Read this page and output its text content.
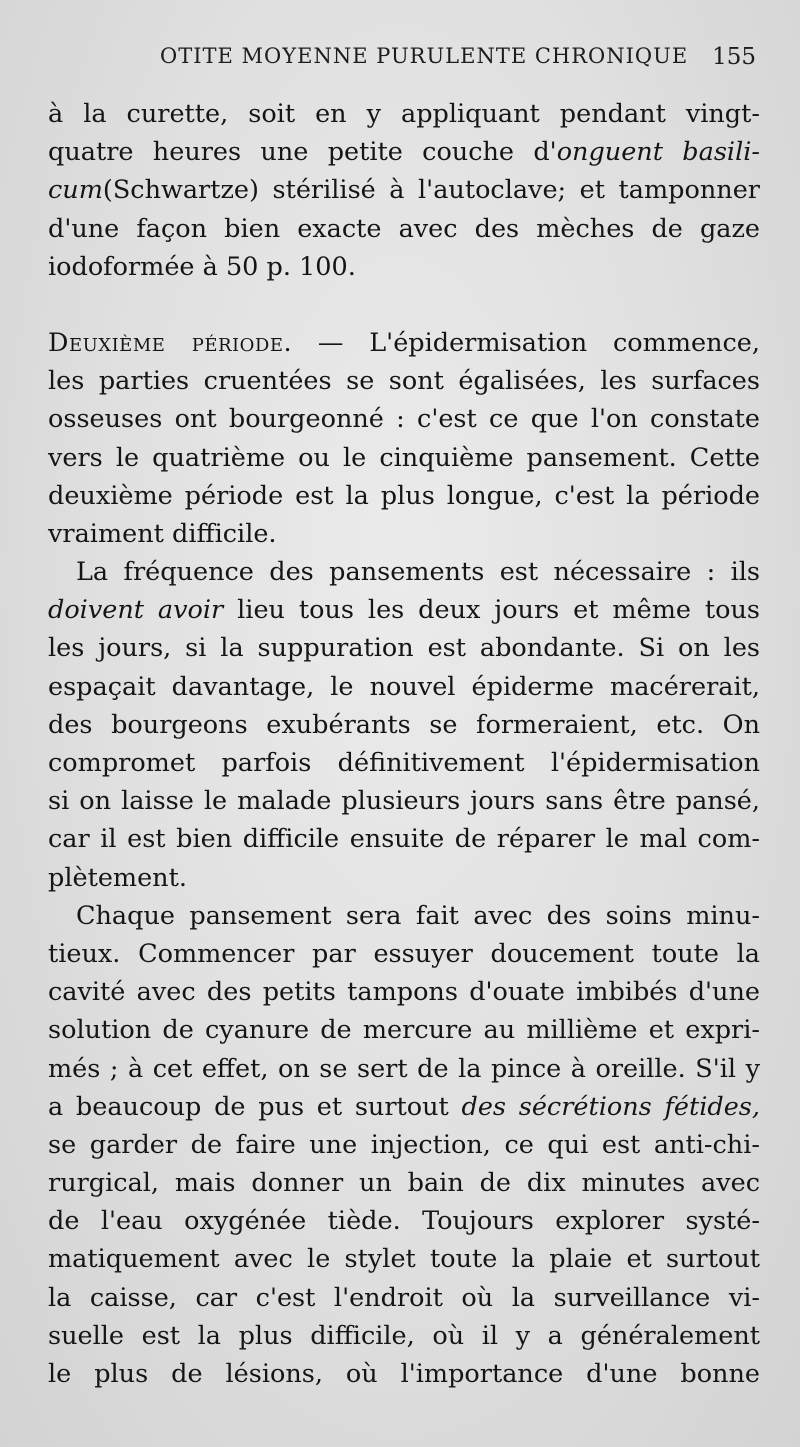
OTITE MOYENNE PURULENTE CHRONIQUE 155
à la curette, soit en y appliquant pendant vingt-
quatre heures une petite couche d'onguent basili-
cum(Schwartze) stérilisé à l'autoclave; et tamponner
d'une façon bien exacte avec des mèches de gaze
iodoformée à 50 p. 100.
Deuxième période. — L'épidermisation commence,
les parties cruentées se sont égalisées, les surfaces
osseuses ont bourgeonné : c'est ce que l'on constate
vers le quatrième ou le cinquième pansement. Cette
deuxième période est la plus longue, c'est la période
vraiment difficile.
La fréquence des pansements est nécessaire : ils
doivent avoir lieu tous les deux jours et même tous
les jours, si la suppuration est abondante. Si on les
espaçait davantage, le nouvel épiderme macérerait,
des bourgeons exubérants se formeraient, etc. On
compromet parfois définitivement l'épidermisation
si on laisse le malade plusieurs jours sans être pansé,
car il est bien difficile ensuite de réparer le mal com-
plètement.
Chaque pansement sera fait avec des soins minu-
tieux. Commencer par essuyer doucement toute la
cavité avec des petits tampons d'ouate imbibés d'une
solution de cyanure de mercure au millième et expri-
més ; à cet effet, on se sert de la pince à oreille. S'il y
a beaucoup de pus et surtout des sécrétions fétides,
se garder de faire une injection, ce qui est anti-chi-
rurgical, mais donner un bain de dix minutes avec
de l'eau oxygénée tiède. Toujours explorer systé-
matiquement avec le stylet toute la plaie et surtout
la caisse, car c'est l'endroit où la surveillance vi-
suelle est la plus difficile, où il y a généralement
le plus de lésions, où l'importance d'une bonne
